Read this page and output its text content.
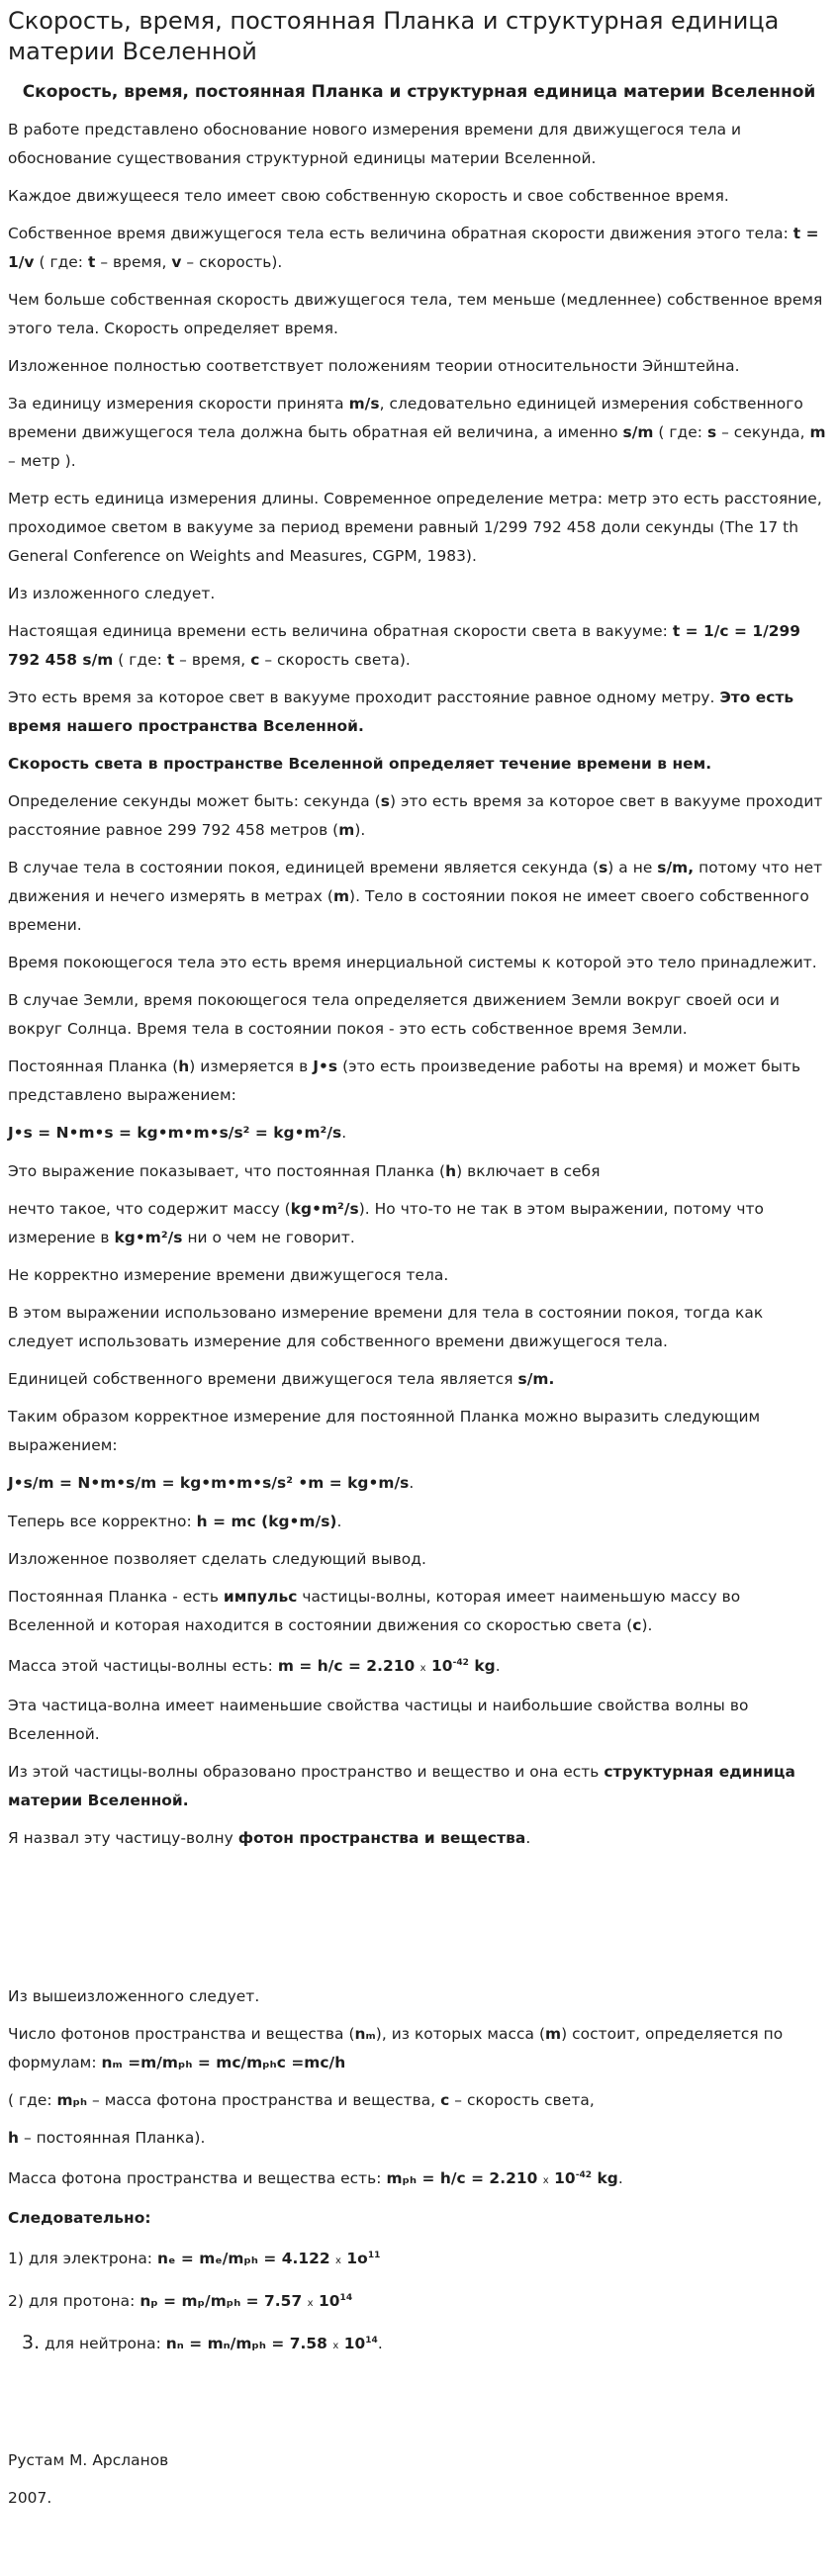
Скорость, время, постоянная Планка и структурная единица материи Вселенной
Скорость, время, постоянная Планка и структурная единица материи Вселенной

В работе представлено обоснование нового измерения времени для движущегося тела и обоснование существования структурной единицы материи Вселенной.

Каждое движущееся тело имеет свою собственную скорость и свое собственное время.

Собственное время движущегося тела есть величина обратная скорости движения этого тела: t = 1/v ( где: t – время, v – скорость).

Чем больше собственная скорость движущегося тела, тем меньше (медленнее) собственное время этого тела. Скорость определяет время.

Изложенное полностью соответствует положениям теории относительности Эйнштейна.

За единицу измерения скорости принята m/s, следовательно единицей измерения собственного времени движущегося тела должна быть обратная ей величина, а именно s/m ( где: s – секунда, m – метр ).

Метр есть единица измерения длины. Современное определение метра: метр это есть расстояние, проходимое светом в вакууме за период времени равный 1/299 792 458 доли секунды (The 17 th General Conference on Weights and Measures, CGPM, 1983).

Из изложенного следует.

Настоящая единица времени есть величина обратная скорости света в вакууме: t = 1/c = 1/299 792 458 s/m ( где: t – время, c – скорость света).

Это есть время за которое свет в вакууме проходит расстояние равное одному метру. Это есть время нашего пространства Вселенной.

Скорость света в пространстве Вселенной определяет течение времени в нем.

Определение секунды может быть: секунда (s) это есть время за которое свет в вакууме проходит расстояние равное 299 792 458 метров (m).

В случае тела в состоянии покоя, единицей времени является секунда (s) а не s/m, потому что нет движения и нечего измерять в метрах (m). Тело в состоянии покоя не имеет своего собственного времени.

Время покоющегося тела это есть время инерциальной системы к которой это тело принадлежит.

В случае Земли, время покоющегося тела определяется движением Земли вокруг своей оси и вокруг Солнца. Время тела в состоянии покоя - это есть собственное время Земли.

Постоянная Планка (h) измеряется в J•s (это есть произведение работы на время) и может быть представлено выражением:

J•s = N•m•s = kg•m•m•s/s² = kg•m²/s.

Это выражение показывает, что постоянная Планка (h) включает в себя

нечто такое, что содержит массу (kg•m²/s). Но что-то не так в этом выражении, потому что измерение в kg•m²/s ни о чем не говорит.

Не корректно измерение времени движущегося тела.

В этом выражении использовано измерение времени для тела в состоянии покоя, тогда как следует использовать измерение для собственного времени движущегося тела.

Единицей собственного времени движущегося тела является s/m.

Таким образом корректное измерение для постоянной Планка можно выразить следующим выражением:

J•s/m = N•m•s/m = kg•m•m•s/s² •m = kg•m/s.

Теперь все корректно: h = mc (kg•m/s).

Изложенное позволяет сделать следующий вывод.

Постоянная Планка - есть импульс частицы-волны, которая имеет наименьшую массу во Вселенной и которая находится в состоянии движения со скоростью света (c).

Масса этой частицы-волны есть: m = h/c = 2.210 x $10^{-42}$ kg.

Эта частица-волна имеет наименьшие свойства частицы и наибольшие свойства волны во Вселенной.

Из этой частицы-волны образовано пространство и вещество и она есть структурная единица материи Вселенной.

Я назвал эту частицу-волну фотон пространства и вещества.

Из вышеизложенного следует.

Число фотонов пространства и вещества (nₘ), из которых масса (m) состоит, определяется по формулам: nₘ =m/mₚₕ = mc/mₚₕc =mc/h

( где: mₚₕ – масса фотона пространства и вещества, c – скорость света,

h – постоянная Планка).

Масса фотона пространства и вещества есть: mₚₕ = h/c = 2.210 x $10^{-42}$ kg.

Следовательно:

1) для электрона: nₑ = mₑ/mₚₕ = 4.122 x $1o^{11}$

2) для протона: nₚ = mₚ/mₚₕ = 7.57 x $10^{14}$

3. для нейтрона: nₙ = mₙ/mₚₕ = 7.58 x $10^{14}$.

Рустам М. Арсланов

2007.
